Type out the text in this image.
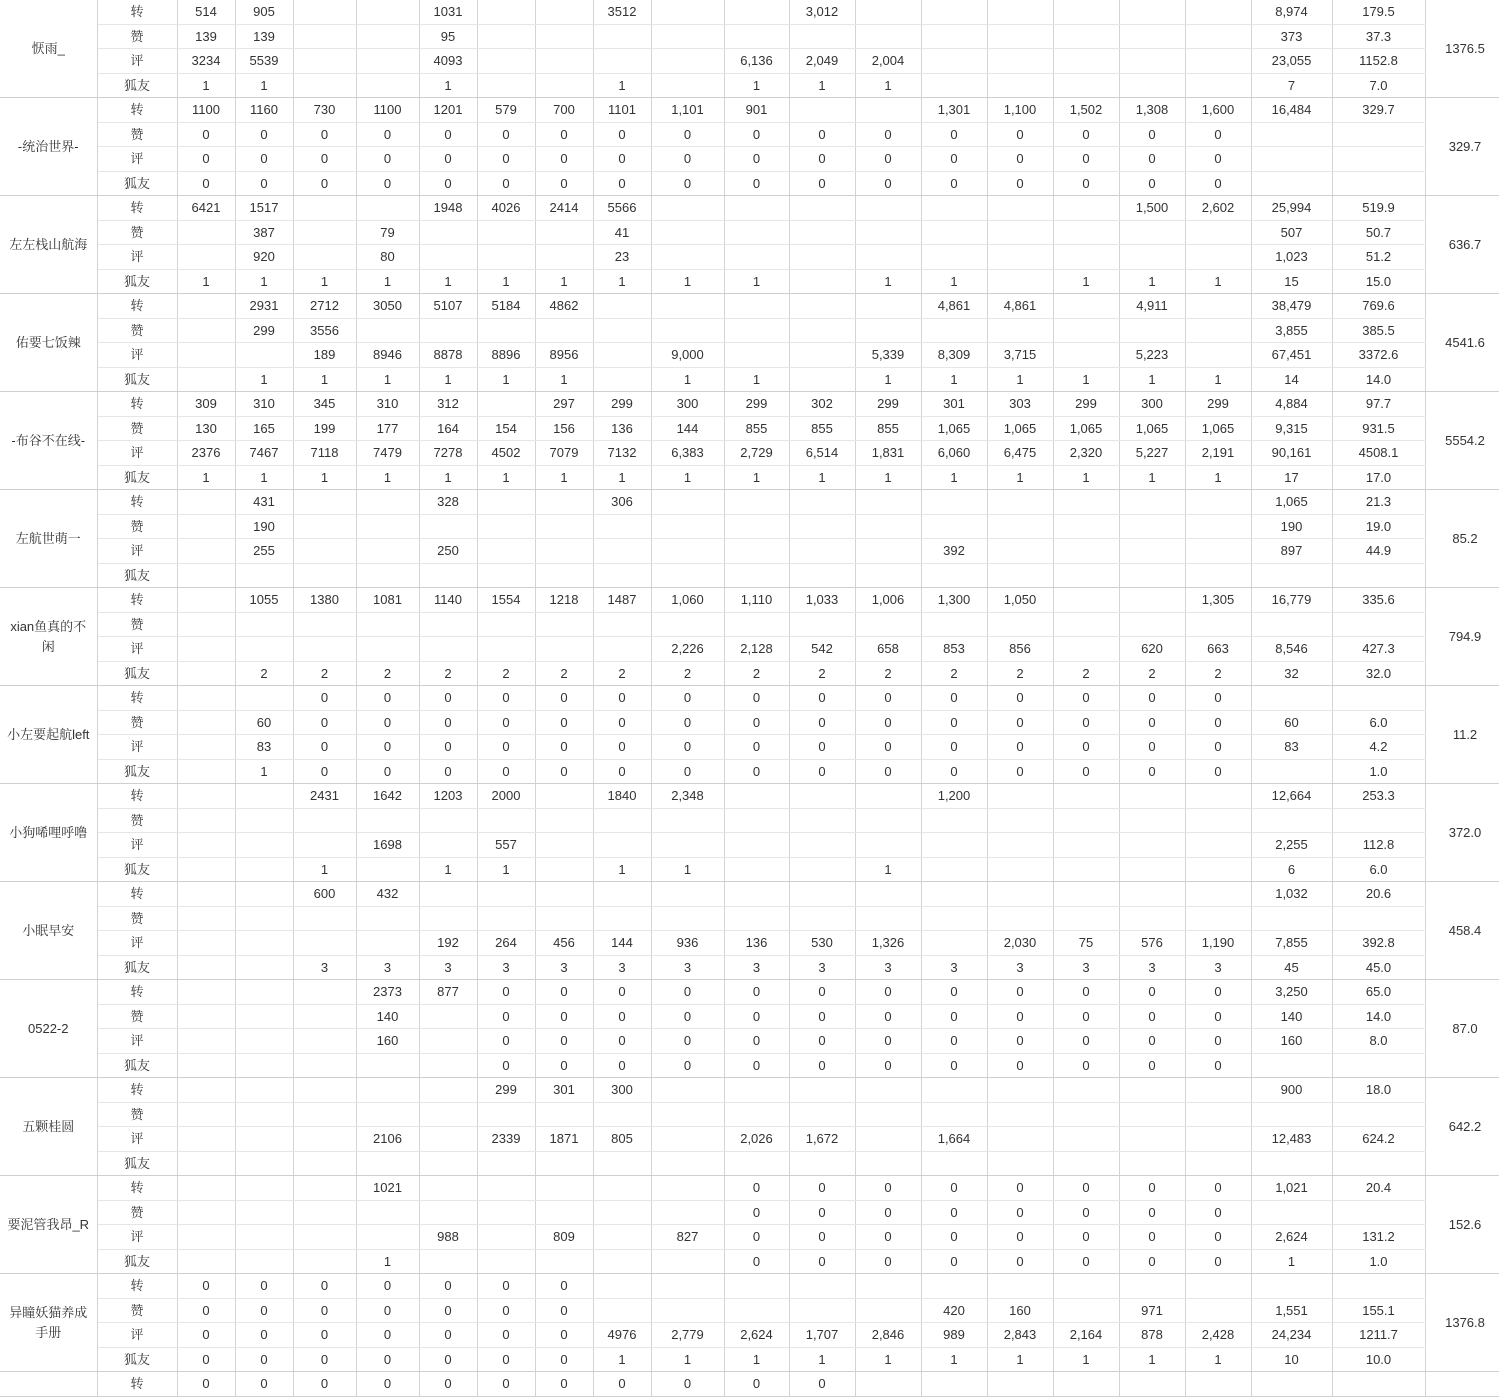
恹雨_	转	514	905			1031			3512			3,012							8,974	179.5	1376.5
	赞	139	139			95													373	37.3	
	评	3234	5539			4093					6,136	2,049	2,004						23,055	1152.8	
	狐友	1	1			1			1		1	1	1						7	7.0	
-统治世界-	转	1100	1160	730	1100	1201	579	700	1101	1,101	901			1,301	1,100	1,502	1,308	1,600	16,484	329.7	329.7
	赞	0	0	0	0	0	0	0	0	0	0	0	0	0	0	0	0	0			
	评	0	0	0	0	0	0	0	0	0	0	0	0	0	0	0	0	0			
	狐友	0	0	0	0	0	0	0	0	0	0	0	0	0	0	0	0	0			
左左栈山航海	转	6421	1517			1948	4026	2414	5566								1,500	2,602	25,994	519.9	636.7
	赞		387		79				41										507	50.7	
	评		920		80				23										1,023	51.2	
	狐友	1	1	1	1	1	1	1	1	1	1		1	1		1	1	1	15	15.0	
佑要七饭辣	转		2931	2712	3050	5107	5184	4862						4,861	4,861		4,911		38,479	769.6	4541.6
	赞		299	3556															3,855	385.5	
	评			189	8946	8878	8896	8956		9,000			5,339	8,309	3,715		5,223		67,451	3372.6	
	狐友		1	1	1	1	1	1		1	1		1	1	1	1	1	1	14	14.0	
-布谷不在线-	转	309	310	345	310	312		297	299	300	299	302	299	301	303	299	300	299	4,884	97.7	5554.2
	赞	130	165	199	177	164	154	156	136	144	855	855	855	1,065	1,065	1,065	1,065	1,065	9,315	931.5	
	评	2376	7467	7118	7479	7278	4502	7079	7132	6,383	2,729	6,514	1,831	6,060	6,475	2,320	5,227	2,191	90,161	4508.1	
	狐友	1	1	1	1	1	1	1	1	1	1	1	1	1	1	1	1	1	17	17.0	
左航世萌一	转		431			328			306										1,065	21.3	85.2
	赞		190																190	19.0	
	评		255			250								392					897	44.9	
	狐友																				
xian鱼真的不闲	转		1055	1380	1081	1140	1554	1218	1487	1,060	1,110	1,033	1,006	1,300	1,050			1,305	16,779	335.6	794.9
	赞																				
	评									2,226	2,128	542	658	853	856		620	663	8,546	427.3	
	狐友		2	2	2	2	2	2	2	2	2	2	2	2	2	2	2	2	32	32.0	
小左要起航left	转			0	0	0	0	0	0	0	0	0	0	0	0	0	0	0			11.2
	赞		60	0	0	0	0	0	0	0	0	0	0	0	0	0	0	0	60	6.0	
	评		83	0	0	0	0	0	0	0	0	0	0	0	0	0	0	0	83	4.2	
	狐友		1	0	0	0	0	0	0	0	0	0	0	0	0	0	0	0		1.0	
小狗唏哩呼噜	转			2431	1642	1203	2000		1840	2,348				1,200					12,664	253.3	372.0
	赞																				
	评				1698		557												2,255	112.8	
	狐友			1		1	1		1	1			1						6	6.0	
小眠早安	转			600	432														1,032	20.6	458.4
	赞																				
	评					192	264	456	144	936	136	530	1,326		2,030	75	576	1,190	7,855	392.8	
	狐友			3	3	3	3	3	3	3	3	3	3	3	3	3	3	3	45	45.0	
0522-2	转				2373	877	0	0	0	0	0	0	0	0	0	0	0	0	3,250	65.0	87.0
	赞				140		0	0	0	0	0	0	0	0	0	0	0	0	140	14.0	
	评				160		0	0	0	0	0	0	0	0	0	0	0	0	160	8.0	
	狐友						0	0	0	0	0	0	0	0	0	0	0	0			
五颗桂圆	转						299	301	300										900	18.0	642.2
	赞																				
	评				2106		2339	1871	805		2,026	1,672		1,664					12,483	624.2	
	狐友																				
要泥管我昂_R	转				1021						0	0	0	0	0	0	0	0	1,021	20.4	152.6
	赞										0	0	0	0	0	0	0	0			
	评					988		809		827	0	0	0	0	0	0	0	0	2,624	131.2	
	狐友				1						0	0	0	0	0	0	0	0	1	1.0	
异瞳妖猫养成手册	转	0	0	0	0	0	0	0													1376.8
	赞	0	0	0	0	0	0	0						420	160		971		1,551	155.1	
	评	0	0	0	0	0	0	0	4976	2,779	2,624	1,707	2,846	989	2,843	2,164	878	2,428	24,234	1211.7	
	狐友	0	0	0	0	0	0	0	1	1	1	1	1	1	1	1	1	1	10	10.0	
	转	0	0	0	0	0	0	0	0	0	0	0									
